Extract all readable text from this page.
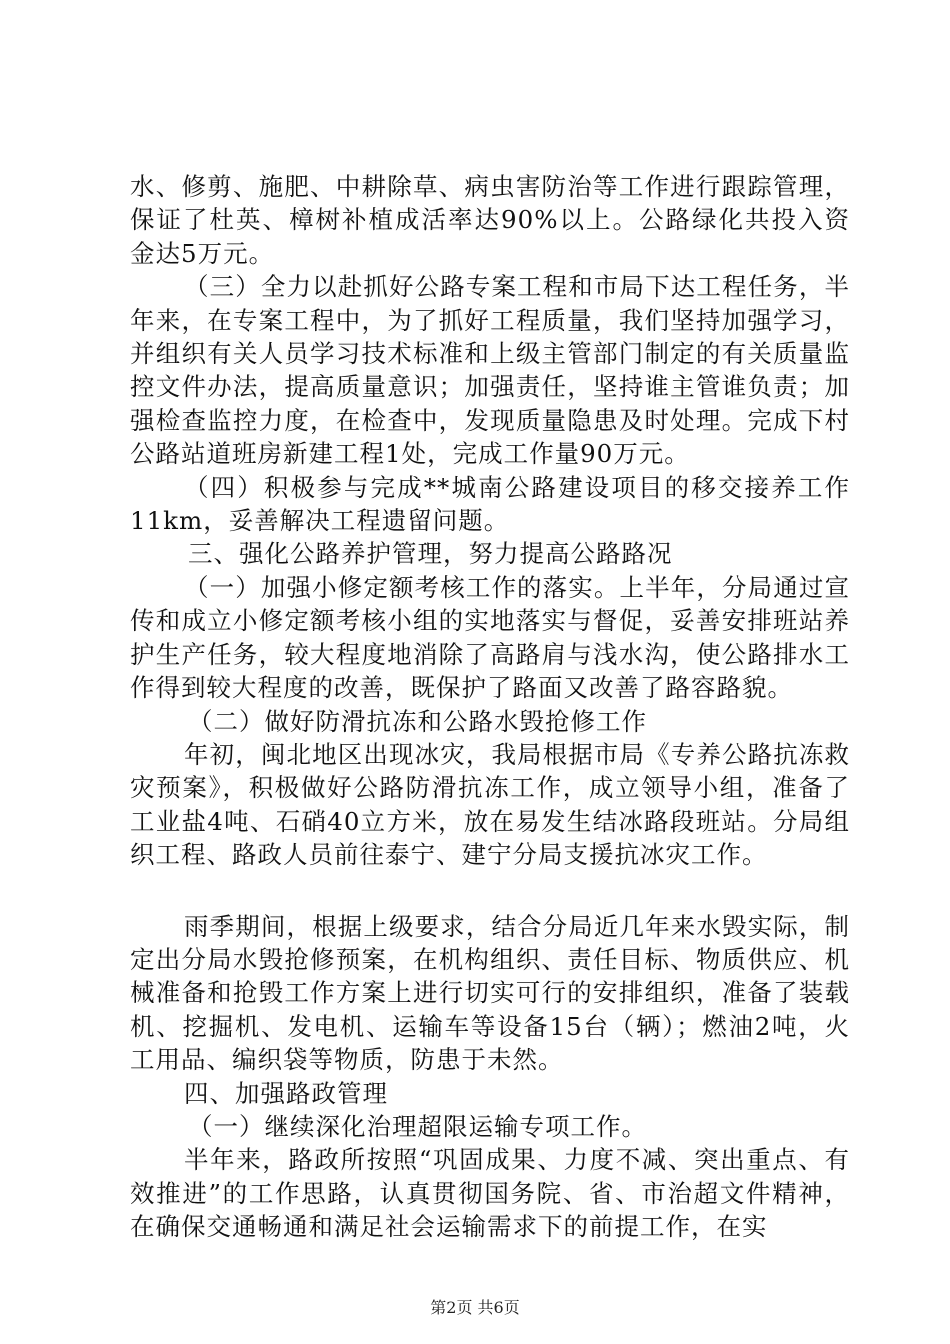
水、修剪、施肥、中耕除草、病虫害防治等工作进行跟踪管理，保证了杜英、樟树补植成活率达90%以上。公路绿化共投入资金达5万元。

（三）全力以赴抓好公路专案工程和市局下达工程任务，半年来，在专案工程中，为了抓好工程质量，我们坚持加强学习，并组织有关人员学习技术标准和上级主管部门制定的有关质量监控文件办法，提高质量意识；加强责任，坚持谁主管谁负责；加强检查监控力度，在检查中，发现质量隐患及时处理。完成下村公路站道班房新建工程1处，完成工作量90万元。

（四）积极参与完成**城南公路建设项目的移交接养工作11km，妥善解决工程遗留问题。

三、强化公路养护管理，努力提高公路路况

（一）加强小修定额考核工作的落实。上半年，分局通过宣传和成立小修定额考核小组的实地落实与督促，妥善安排班站养护生产任务，较大程度地消除了高路肩与浅水沟，使公路排水工作得到较大程度的改善，既保护了路面又改善了路容路貌。

（二）做好防滑抗冻和公路水毁抢修工作

年初，闽北地区出现冰灾，我局根据市局《专养公路抗冻救灾预案》，积极做好公路防滑抗冻工作，成立领导小组，准备了工业盐4吨、石硝40立方米，放在易发生结冰路段班站。分局组织工程、路政人员前往泰宁、建宁分局支援抗冰灾工作。

雨季期间，根据上级要求，结合分局近几年来水毁实际，制定出分局水毁抢修预案，在机构组织、责任目标、物质供应、机械准备和抢毁工作方案上进行切实可行的安排组织，准备了装载机、挖掘机、发电机、运输车等设备15台（辆）；燃油2吨，火工用品、编织袋等物质，防患于未然。

四、加强路政管理

（一）继续深化治理超限运输专项工作。

半年来，路政所按照“巩固成果、力度不减、突出重点、有效推进”的工作思路，认真贯彻国务院、省、市治超文件精神，在确保交通畅通和满足社会运输需求下的前提工作，在实

第2页 共6页
